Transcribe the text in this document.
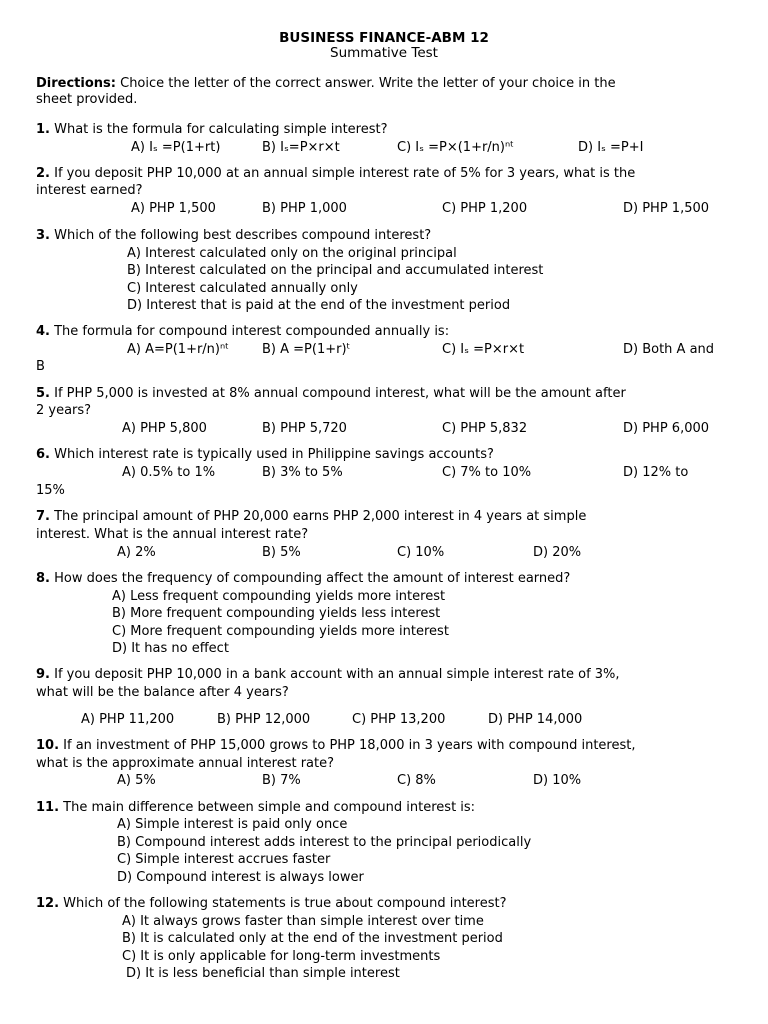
BUSINESS FINANCE-ABM 12
Summative Test
Directions: Choice the letter of the correct answer. Write the letter of your choice in the
sheet provided.
1. What is the formula for calculating simple interest?
A) Iₛ =P(1+rt)	B) Iₛ=P×r×t	C) Iₛ =P×(1+r/n)ⁿᵗ	D) Iₛ =P+I
2. If you deposit PHP 10,000 at an annual simple interest rate of 5% for 3 years, what is the
interest earned?
A) PHP 1,500	B) PHP 1,000	C) PHP 1,200	D) PHP 1,500
3. Which of the following best describes compound interest?
A) Interest calculated only on the original principal
B) Interest calculated on the principal and accumulated interest
C) Interest calculated annually only
D) Interest that is paid at the end of the investment period
4. The formula for compound interest compounded annually is:
A) A=P(1+r/n)ⁿᵗ	B) A =P(1+r)ᵗ	C) Iₛ =P×r×t	D) Both A and
B
5. If PHP 5,000 is invested at 8% annual compound interest, what will be the amount after
2 years?
A) PHP 5,800	B) PHP 5,720	C) PHP 5,832	D) PHP 6,000
6. Which interest rate is typically used in Philippine savings accounts?
A) 0.5% to 1%	B) 3% to 5%	C) 7% to 10%	D) 12% to
15%
7. The principal amount of PHP 20,000 earns PHP 2,000 interest in 4 years at simple
interest. What is the annual interest rate?
A) 2%	B) 5%	C) 10%	D) 20%
8. How does the frequency of compounding affect the amount of interest earned?
A) Less frequent compounding yields more interest
B) More frequent compounding yields less interest
C) More frequent compounding yields more interest
D) It has no effect
9. If you deposit PHP 10,000 in a bank account with an annual simple interest rate of 3%,
what will be the balance after 4 years?
A) PHP 11,200	B) PHP 12,000	C) PHP 13,200	D) PHP 14,000
10. If an investment of PHP 15,000 grows to PHP 18,000 in 3 years with compound interest,
what is the approximate annual interest rate?
A) 5%	B) 7%	C) 8%	D) 10%
11. The main difference between simple and compound interest is:
A) Simple interest is paid only once
B) Compound interest adds interest to the principal periodically
C) Simple interest accrues faster
D) Compound interest is always lower
12. Which of the following statements is true about compound interest?
A) It always grows faster than simple interest over time
B) It is calculated only at the end of the investment period
C) It is only applicable for long-term investments
D) It is less beneficial than simple interest
